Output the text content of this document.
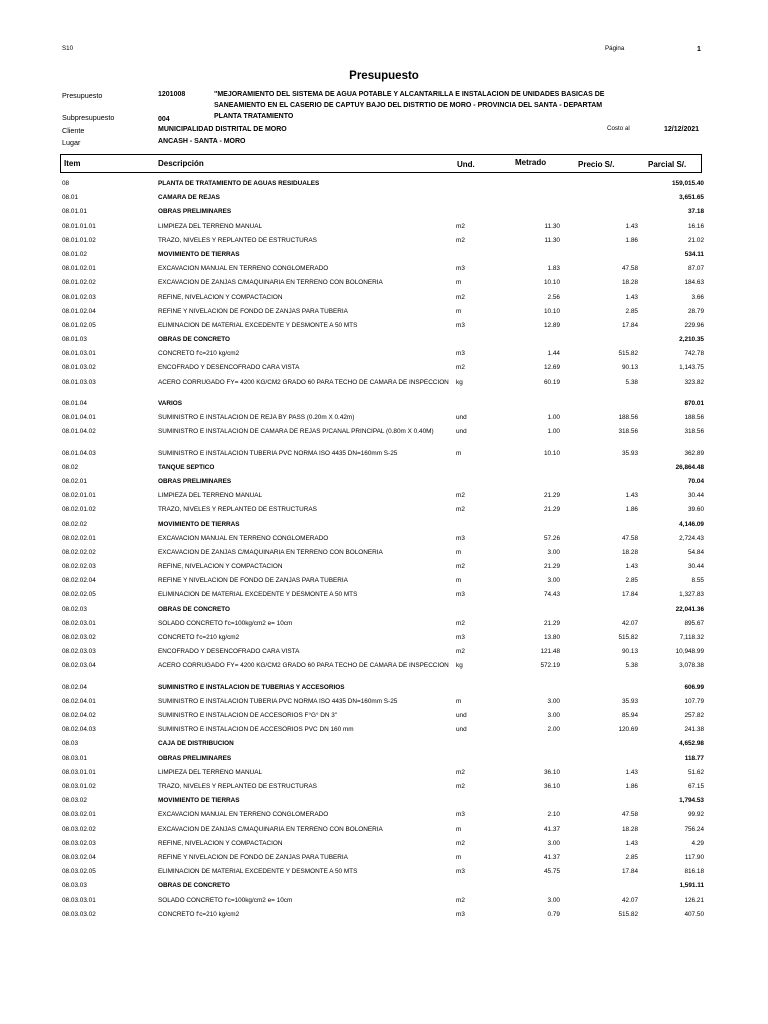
S10	Página	1
Presupuesto
Presupuesto	1201008	"MEJORAMIENTO DEL SISTEMA DE AGUA POTABLE Y ALCANTARILLA E INSTALACION DE UNIDADES BASICAS DE
SANEAMIENTO EN EL CASERIO DE CAPTUY BAJO DEL DISTRTIO DE MORO - PROVINCIA DEL SANTA - DEPARTAM
Subpresupuesto	004	PLANTA TRATAMIENTO
Cliente	MUNICIPALIDAD DISTRITAL DE MORO	Costo al	12/12/2021
Lugar	ANCASH - SANTA - MORO
Item	Descripción	Und.	Metrado	Precio S/.	Parcial S/.
08	PLANTA DE TRATAMIENTO DE AGUAS RESIDUALES	159,015.40
08.01	CAMARA DE REJAS	3,651.65
08.01.01	OBRAS PRELIMINARES	37.18
08.01.01.01	LIMPIEZA DEL TERRENO MANUAL	m2	11.30	1.43	16.16
08.01.01.02	TRAZO, NIVELES Y REPLANTEO DE ESTRUCTURAS	m2	11.30	1.86	21.02
08.01.02	MOVIMIENTO DE TIERRAS	534.11
08.01.02.01	EXCAVACION MANUAL EN TERRENO CONGLOMERADO	m3	1.83	47.58	87.07
08.01.02.02	EXCAVACION DE ZANJAS C/MAQUINARIA EN TERRENO CON BOLONERIA	m	10.10	18.28	184.63
08.01.02.03	REFINE, NIVELACION Y COMPACTACION	m2	2.56	1.43	3.66
08.01.02.04	REFINE Y NIVELACION DE FONDO DE ZANJAS PARA TUBERIA	m	10.10	2.85	28.79
08.01.02.05	ELIMINACION DE MATERIAL EXCEDENTE Y DESMONTE A 50 MTS	m3	12.89	17.84	229.96
08.01.03	OBRAS DE CONCRETO	2,210.35
08.01.03.01	CONCRETO f'c=210 kg/cm2	m3	1.44	515.82	742.78
08.01.03.02	ENCOFRADO Y DESENCOFRADO CARA VISTA	m2	12.69	90.13	1,143.75
08.01.03.03	ACERO CORRUGADO FY= 4200 KG/CM2 GRADO 60 PARA TECHO DE CAMARA DE INSPECCION	kg	60.19	5.38	323.82
08.01.04	VARIOS	870.01
08.01.04.01	SUMINISTRO E INSTALACION DE REJA BY PASS (0.20m X 0.42m)	und	1.00	188.56	188.56
08.01.04.02	SUMINISTRO E INSTALACION DE CAMARA DE REJAS P/CANAL PRINCIPAL (0.80m X 0.40M)	und	1.00	318.56	318.56
08.01.04.03	SUMINISTRO E INSTALACION TUBERIA PVC NORMA ISO 4435 DN=160mm S-25	m	10.10	35.93	362.89
08.02	TANQUE SEPTICO	26,864.48
08.02.01	OBRAS PRELIMINARES	70.04
08.02.01.01	LIMPIEZA DEL TERRENO MANUAL	m2	21.29	1.43	30.44
08.02.01.02	TRAZO, NIVELES Y REPLANTEO DE ESTRUCTURAS	m2	21.29	1.86	39.60
08.02.02	MOVIMIENTO DE TIERRAS	4,146.09
08.02.02.01	EXCAVACION MANUAL EN TERRENO CONGLOMERADO	m3	57.26	47.58	2,724.43
08.02.02.02	EXCAVACION DE ZANJAS C/MAQUINARIA EN TERRENO CON BOLONERIA	m	3.00	18.28	54.84
08.02.02.03	REFINE, NIVELACION Y COMPACTACION	m2	21.29	1.43	30.44
08.02.02.04	REFINE Y NIVELACION DE FONDO DE ZANJAS PARA TUBERIA	m	3.00	2.85	8.55
08.02.02.05	ELIMINACION DE MATERIAL EXCEDENTE Y DESMONTE A 50 MTS	m3	74.43	17.84	1,327.83
08.02.03	OBRAS DE CONCRETO	22,041.36
08.02.03.01	SOLADO CONCRETO f'c=100kg/cm2 e= 10cm	m2	21.29	42.07	895.67
08.02.03.02	CONCRETO f'c=210 kg/cm2	m3	13.80	515.82	7,118.32
08.02.03.03	ENCOFRADO Y DESENCOFRADO CARA VISTA	m2	121.48	90.13	10,948.99
08.02.03.04	ACERO CORRUGADO FY= 4200 KG/CM2 GRADO 60 PARA TECHO DE CAMARA DE INSPECCION	kg	572.19	5.38	3,078.38
08.02.04	SUMINISTRO E INSTALACION DE TUBERIAS Y ACCESORIOS	606.99
08.02.04.01	SUMINISTRO E INSTALACION TUBERIA PVC NORMA ISO 4435 DN=160mm S-25	m	3.00	35.93	107.79
08.02.04.02	SUMINISTRO E INSTALACION DE ACCESORIOS F°G° DN 3"	und	3.00	85.94	257.82
08.02.04.03	SUMINISTRO E INSTALACION DE ACCESORIOS PVC DN 160 mm	und	2.00	120.69	241.38
08.03	CAJA DE DISTRIBUCION	4,652.98
08.03.01	OBRAS PRELIMINARES	118.77
08.03.01.01	LIMPIEZA DEL TERRENO MANUAL	m2	36.10	1.43	51.62
08.03.01.02	TRAZO, NIVELES Y REPLANTEO DE ESTRUCTURAS	m2	36.10	1.86	67.15
08.03.02	MOVIMIENTO DE TIERRAS	1,794.53
08.03.02.01	EXCAVACION MANUAL EN TERRENO CONGLOMERADO	m3	2.10	47.58	99.92
08.03.02.02	EXCAVACION DE ZANJAS C/MAQUINARIA EN TERRENO CON BOLONERIA	m	41.37	18.28	756.24
08.03.02.03	REFINE, NIVELACION Y COMPACTACION	m2	3.00	1.43	4.29
08.03.02.04	REFINE Y NIVELACION DE FONDO DE ZANJAS PARA TUBERIA	m	41.37	2.85	117.90
08.03.02.05	ELIMINACION DE MATERIAL EXCEDENTE Y DESMONTE A 50 MTS	m3	45.75	17.84	816.18
08.03.03	OBRAS DE CONCRETO	1,591.11
08.03.03.01	SOLADO CONCRETO f'c=100kg/cm2 e= 10cm	m2	3.00	42.07	126.21
08.03.03.02	CONCRETO f'c=210 kg/cm2	m3	0.79	515.82	407.50
